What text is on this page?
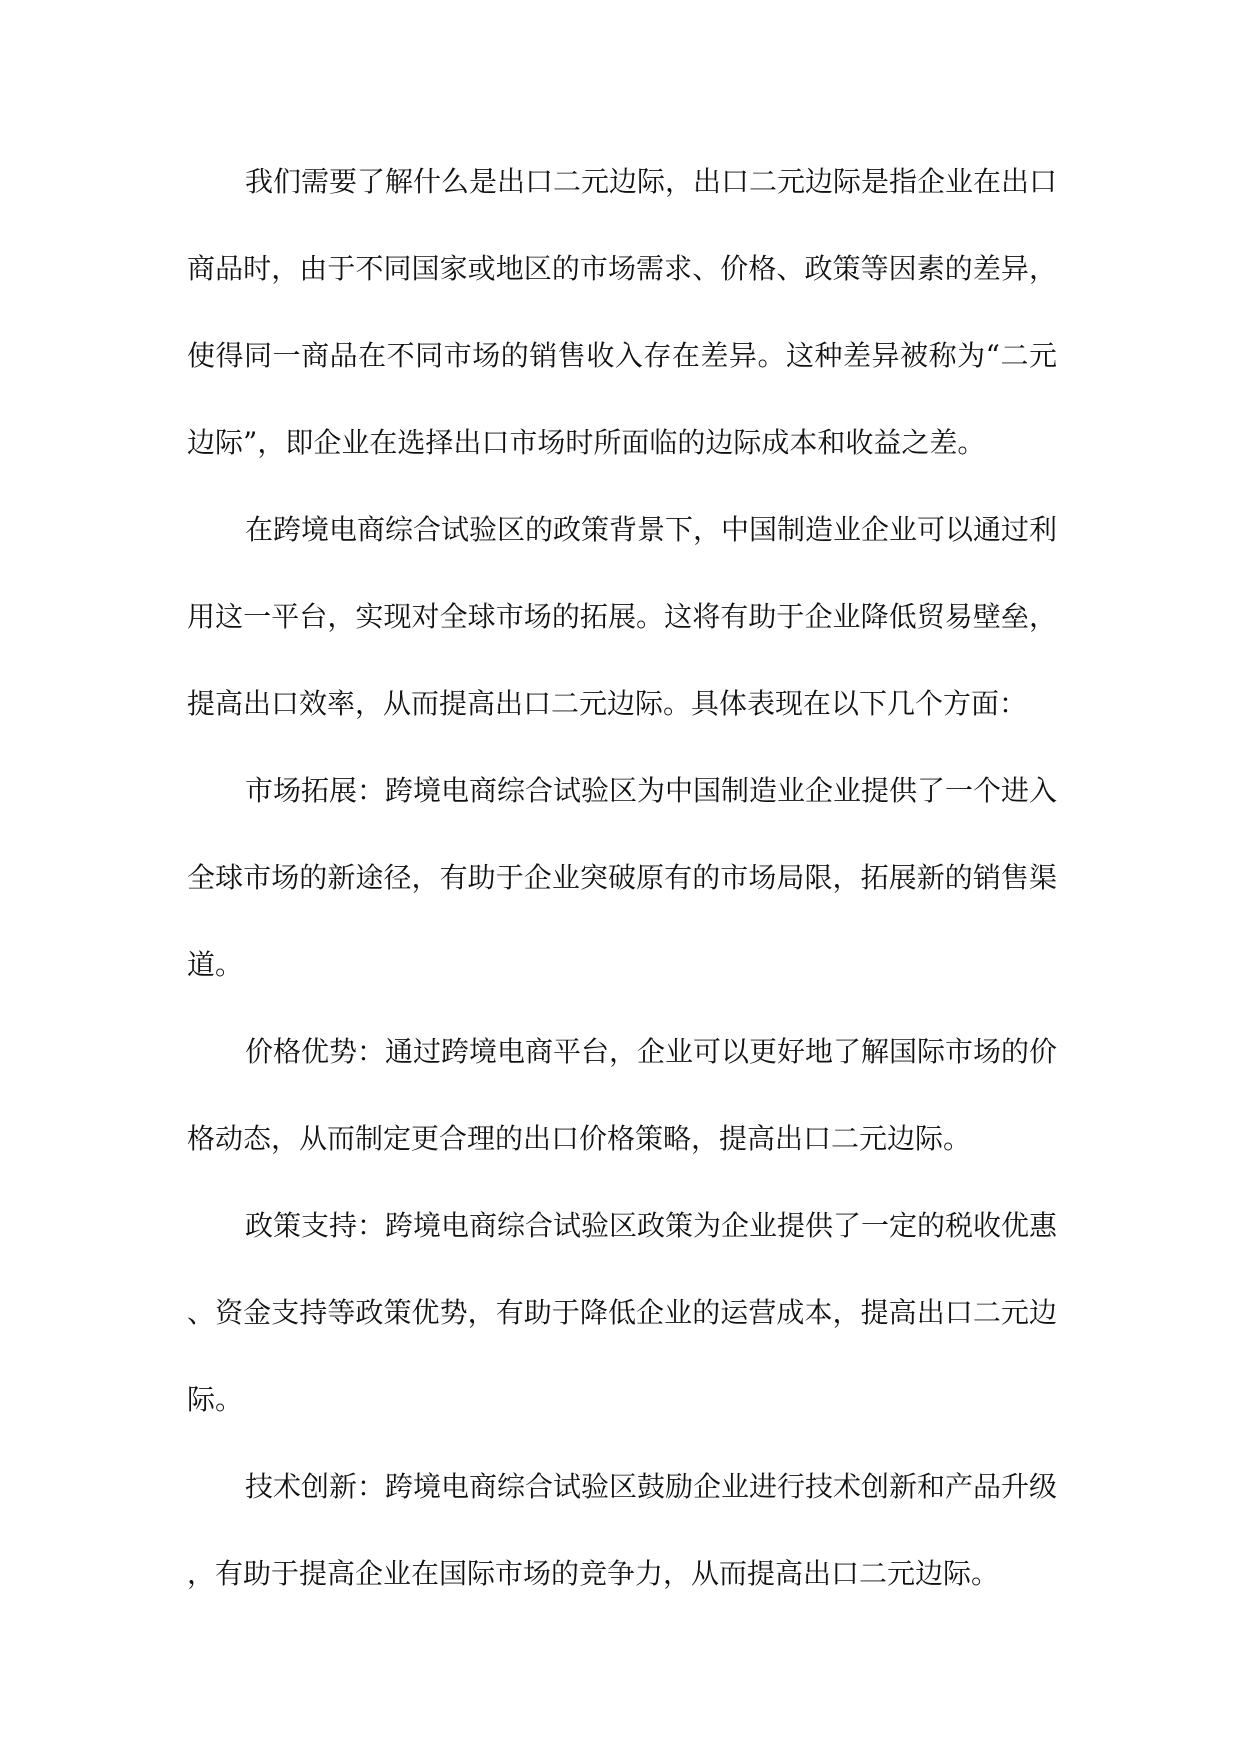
我们需要了解什么是出口二元边际，出口二元边际是指企业在出口商品时，由于不同国家或地区的市场需求、价格、政策等因素的差异，使得同一商品在不同市场的销售收入存在差异。这种差异被称为“二元边际”，即企业在选择出口市场时所面临的边际成本和收益之差。

在跨境电商综合试验区的政策背景下，中国制造业企业可以通过利用这一平台，实现对全球市场的拓展。这将有助于企业降低贸易壁垒，提高出口效率，从而提高出口二元边际。具体表现在以下几个方面：

市场拓展：跨境电商综合试验区为中国制造业企业提供了一个进入全球市场的新途径，有助于企业突破原有的市场局限，拓展新的销售渠道。

价格优势：通过跨境电商平台，企业可以更好地了解国际市场的价格动态，从而制定更合理的出口价格策略，提高出口二元边际。

政策支持：跨境电商综合试验区政策为企业提供了一定的税收优惠、资金支持等政策优势，有助于降低企业的运营成本，提高出口二元边际。

技术创新：跨境电商综合试验区鼓励企业进行技术创新和产品升级，有助于提高企业在国际市场的竞争力，从而提高出口二元边际。
